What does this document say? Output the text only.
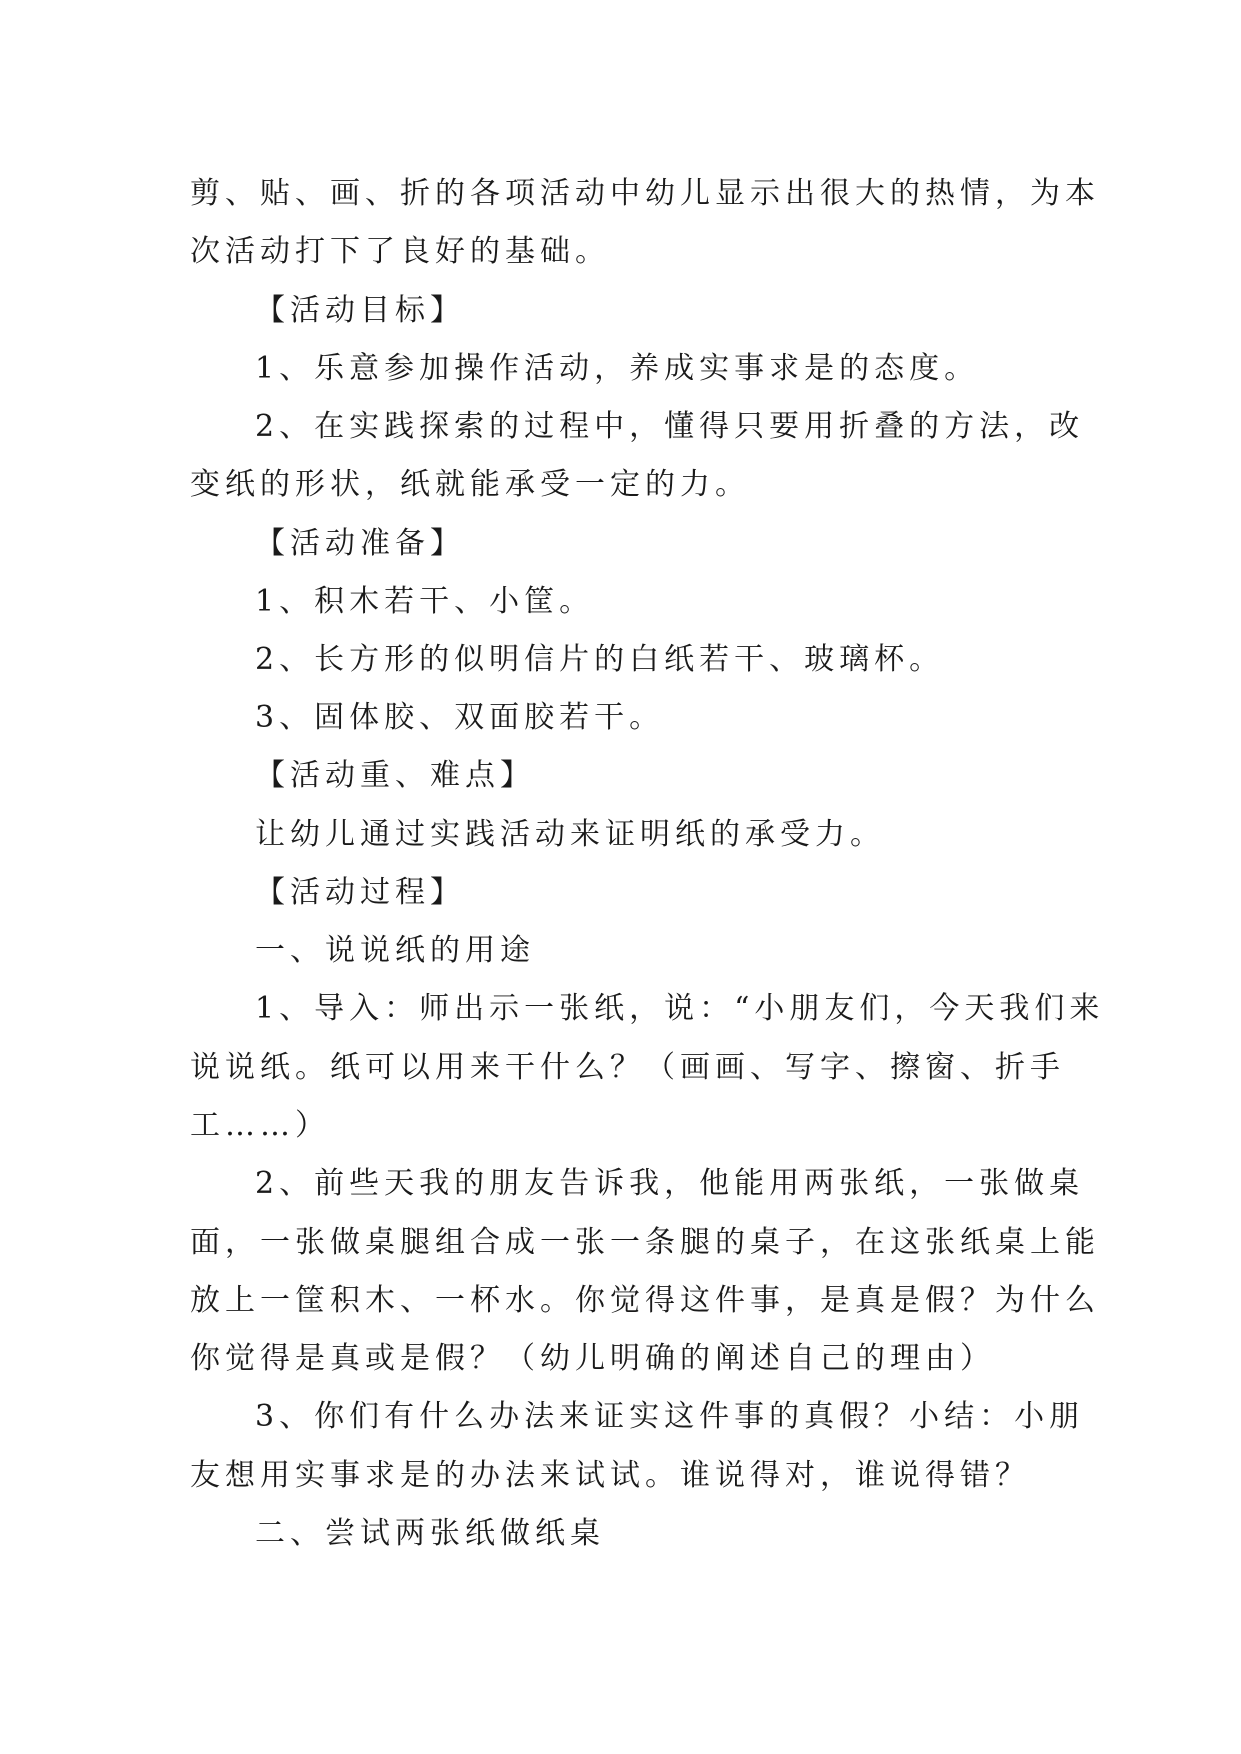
剪、贴、画、折的各项活动中幼儿显示出很大的热情，为本
次活动打下了良好的基础。
【活动目标】
1、乐意参加操作活动，养成实事求是的态度。
2、在实践探索的过程中，懂得只要用折叠的方法，改
变纸的形状，纸就能承受一定的力。
【活动准备】
1、积木若干、小筐。
2、长方形的似明信片的白纸若干、玻璃杯。
3、固体胶、双面胶若干。
【活动重、难点】
让幼儿通过实践活动来证明纸的承受力。
【活动过程】
一、说说纸的用途
1、导入：师出示一张纸，说：“小朋友们，今天我们来
说说纸。纸可以用来干什么？（画画、写字、擦窗、折手
工……）
2、前些天我的朋友告诉我，他能用两张纸，一张做桌
面，一张做桌腿组合成一张一条腿的桌子，在这张纸桌上能
放上一筐积木、一杯水。你觉得这件事，是真是假？为什么
你觉得是真或是假？（幼儿明确的阐述自己的理由）
3、你们有什么办法来证实这件事的真假？小结：小朋
友想用实事求是的办法来试试。谁说得对，谁说得错？
二、尝试两张纸做纸桌
